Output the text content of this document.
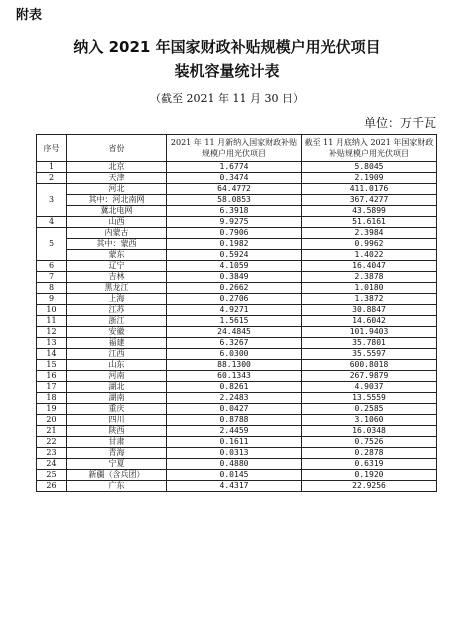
附表
纳入 2021 年国家财政补贴规模户用光伏项目
装机容量统计表
（截至 2021 年 11 月 30 日）
单位：万千瓦
序号	省份	2021 年 11 月新纳入国家财政补贴规模户用光伏项目	截至 11 月底纳入 2021 年国家财政补贴规模户用光伏项目
1	北京	1.6774	5.8045
2	天津	0.3474	2.1909
3	河北	64.4772	411.0176
	其中：河北南网	58.0853	367.4277
	冀北电网	6.3918	43.5899
4	山西	9.9275	51.6161
5	内蒙古	0.7906	2.3984
	其中：蒙西	0.1982	0.9962
	蒙东	0.5924	1.4022
6	辽宁	4.1059	16.4047
7	吉林	0.3849	2.3878
8	黑龙江	0.2662	1.0180
9	上海	0.2706	1.3872
10	江苏	4.9271	30.8847
11	浙江	1.5615	14.6042
12	安徽	24.4845	101.9403
13	福建	6.3267	35.7801
14	江西	6.0300	35.5597
15	山东	88.1300	600.8018
16	河南	60.1343	267.9879
17	湖北	0.8261	4.9037
18	湖南	2.2483	13.5559
19	重庆	0.0427	0.2585
20	四川	0.8788	3.1060
21	陕西	2.4459	16.0348
22	甘肃	0.1611	0.7526
23	青海	0.0313	0.2878
24	宁夏	0.4880	0.6319
25	新疆（含兵团）	0.0145	0.1920
26	广东	4.4317	22.9256
